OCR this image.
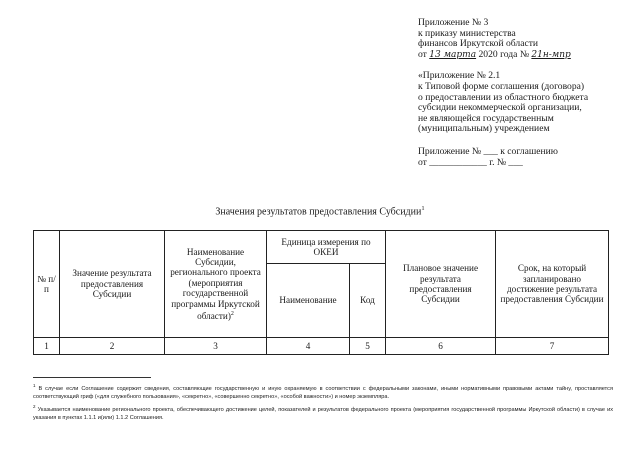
Приложение № 3
к приказу министерства
финансов Иркутской области
от 13 марта 2020 года № 21н-мпр
«Приложение № 2.1
к Типовой форме соглашения (договора)
о предоставлении из областного бюджета
субсидии некоммерческой организации,
не являющейся государственным
(муниципальным) учреждением
Приложение № ___ к соглашению
от ____________ г. № ___
Значения результатов предоставления Субсидии$^1$
№ п/п	Значение результата предоставления Субсидии	Наименование Субсидии, регионального проекта (мероприятия государственной программы Иркутской области)$^2$	Единица измерения по ОКЕИ		Плановое значение результата предоставления Субсидии	Срок, на который запланировано достижение результата предоставления Субсидии
			Наименование	Код		
1	2	3	4	5	6	7

$^1$ В случае если Соглашение содержит сведения, составляющие государственную и иную охраняемую в соответствии с федеральными законами, иными нормативными правовыми актами тайну, проставляется соответствующий гриф («для служебного пользования», «секретно», «совершенно секретно», «особой важности») и номер экземпляра.

$^2$ Указывается наименование регионального проекта, обеспечивающего достижение целей, показателей и результатов федерального проекта (мероприятия государственной программы Иркутской области) в случае их указания в пунктах 1.1.1 и(или) 1.1.2 Соглашения.
